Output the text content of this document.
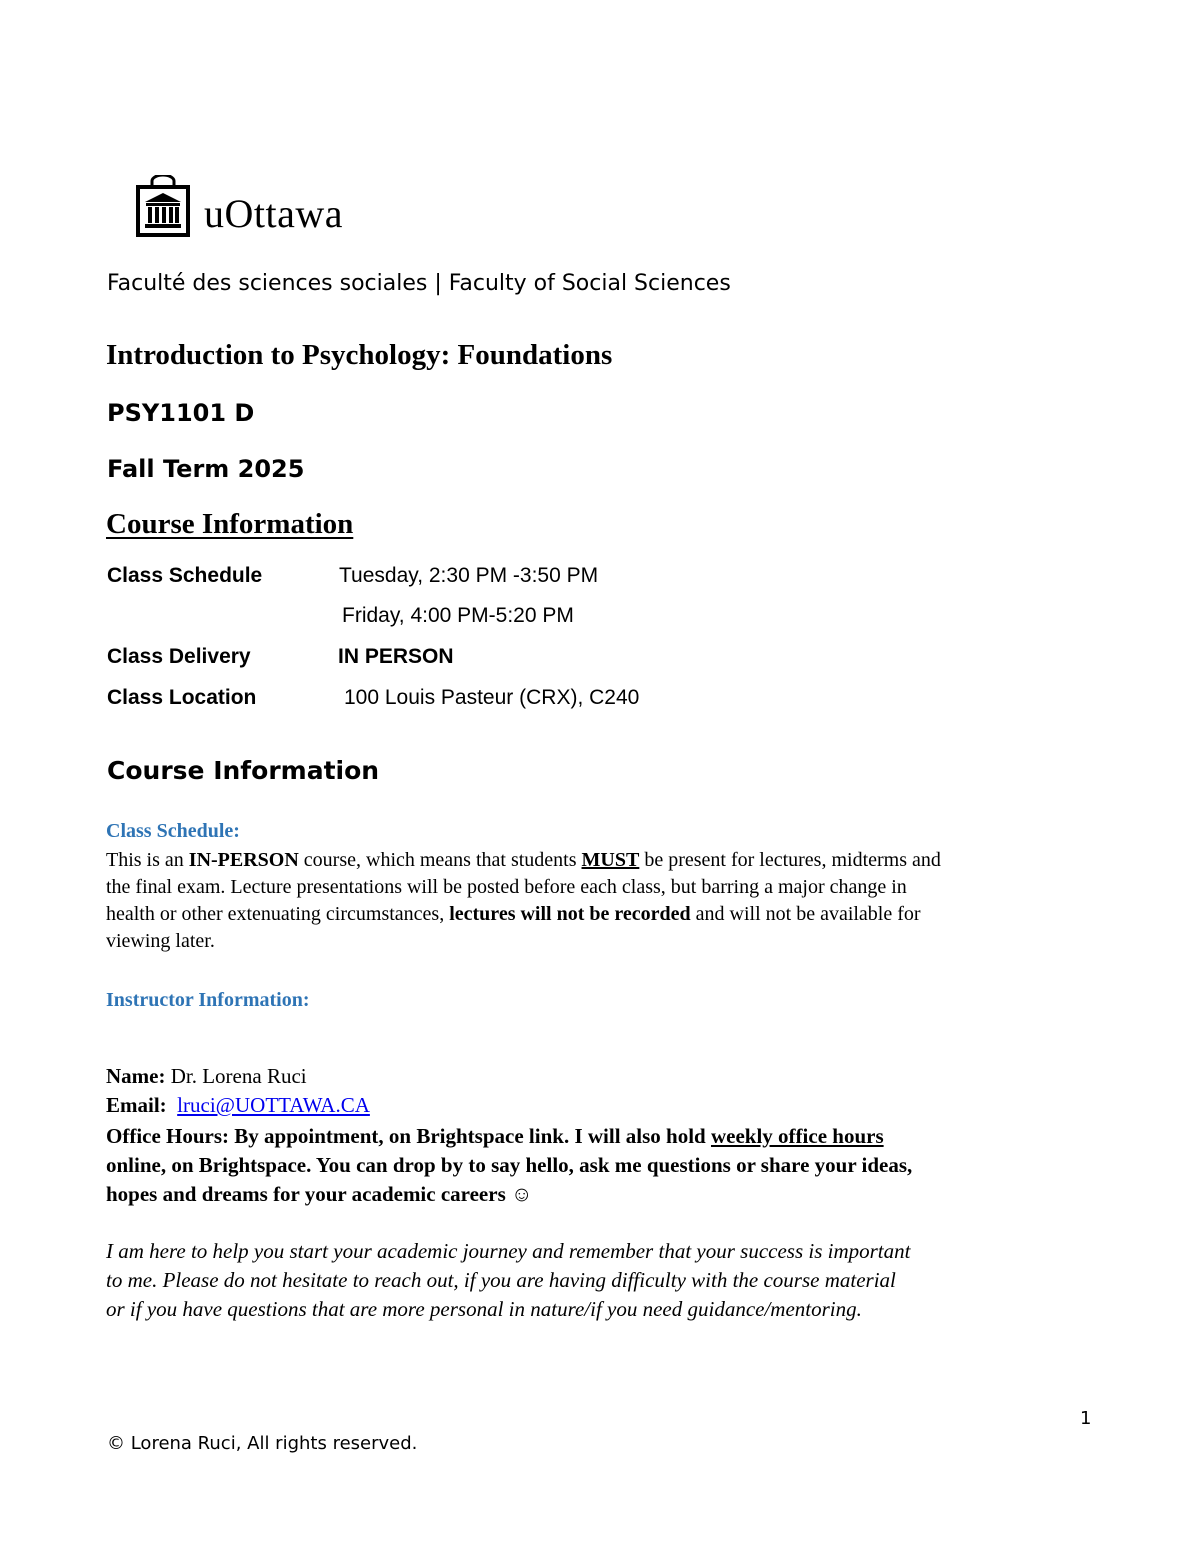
uOttawa
Faculté des sciences sociales | Faculty of Social Sciences
Introduction to Psychology: Foundations
PSY1101 D
Fall Term 2025
Course Information
Class Schedule	Tuesday, 2:30 PM -3:50 PM
Friday, 4:00 PM-5:20 PM
Class Delivery	IN PERSON
Class Location	100 Louis Pasteur (CRX), C240
Course Information
Class Schedule:
This is an IN-PERSON course, which means that students MUST be present for lectures, midterms and
the final exam. Lecture presentations will be posted before each class, but barring a major change in
health or other extenuating circumstances, lectures will not be recorded and will not be available for
viewing later.
Instructor Information:
Name: Dr. Lorena Ruci
Email: lruci@UOTTAWA.CA
Office Hours: By appointment, on Brightspace link. I will also hold weekly office hours
online, on Brightspace. You can drop by to say hello, ask me questions or share your ideas,
hopes and dreams for your academic careers ☺
I am here to help you start your academic journey and remember that your success is important
to me. Please do not hesitate to reach out, if you are having difficulty with the course material
or if you have questions that are more personal in nature/if you need guidance/mentoring.
1
© Lorena Ruci, All rights reserved.
